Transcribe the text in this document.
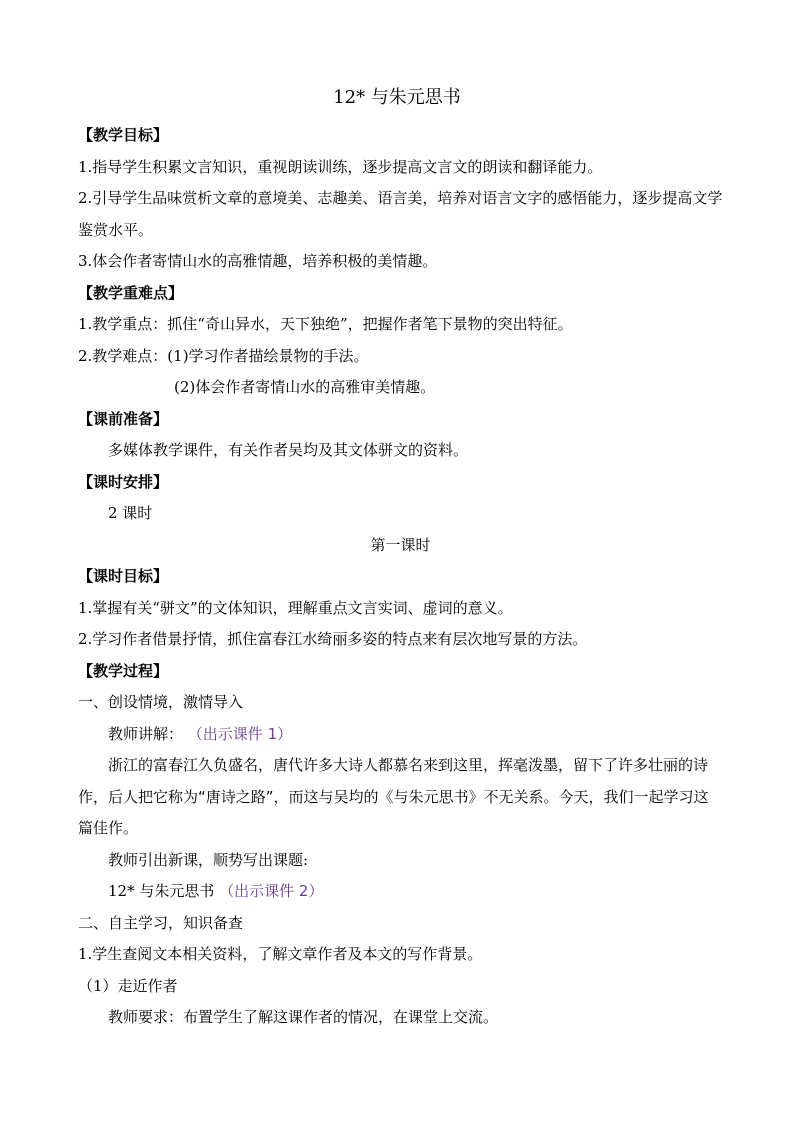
12* 与朱元思书

【教学目标】

1.指导学生积累文言知识，重视朗读训练，逐步提高文言文的朗读和翻译能力。

2.引导学生品味赏析文章的意境美、志趣美、语言美，培养对语言文字的感悟能力，逐步提高文学鉴赏水平。

3.体会作者寄情山水的高雅情趣，培养积极的美情趣。

【教学重难点】

1.教学重点：抓住“奇山异水，天下独绝”，把握作者笔下景物的突出特征。

2.教学难点：(1)学习作者描绘景物的手法。

(2)体会作者寄情山水的高雅审美情趣。

【课前准备】

多媒体教学课件，有关作者吴均及其文体骈文的资料。

【课时安排】

2 课时

第一课时

【课时目标】

1.掌握有关“骈文”的文体知识，理解重点文言实词、虚词的意义。

2.学习作者借景抒情，抓住富春江水绮丽多姿的特点来有层次地写景的方法。

【教学过程】

一、创设情境，激情导入

教师讲解： （出示课件 1）

浙江的富春江久负盛名，唐代许多大诗人都慕名来到这里，挥毫泼墨，留下了许多壮丽的诗作，后人把它称为“唐诗之路”，而这与吴均的《与朱元思书》不无关系。今天，我们一起学习这篇佳作。

教师引出新课，顺势写出课题:

12* 与朱元思书 （出示课件 2）

二、自主学习，知识备查

1.学生查阅文本相关资料，了解文章作者及本文的写作背景。

（1）走近作者

教师要求：布置学生了解这课作者的情况，在课堂上交流。
